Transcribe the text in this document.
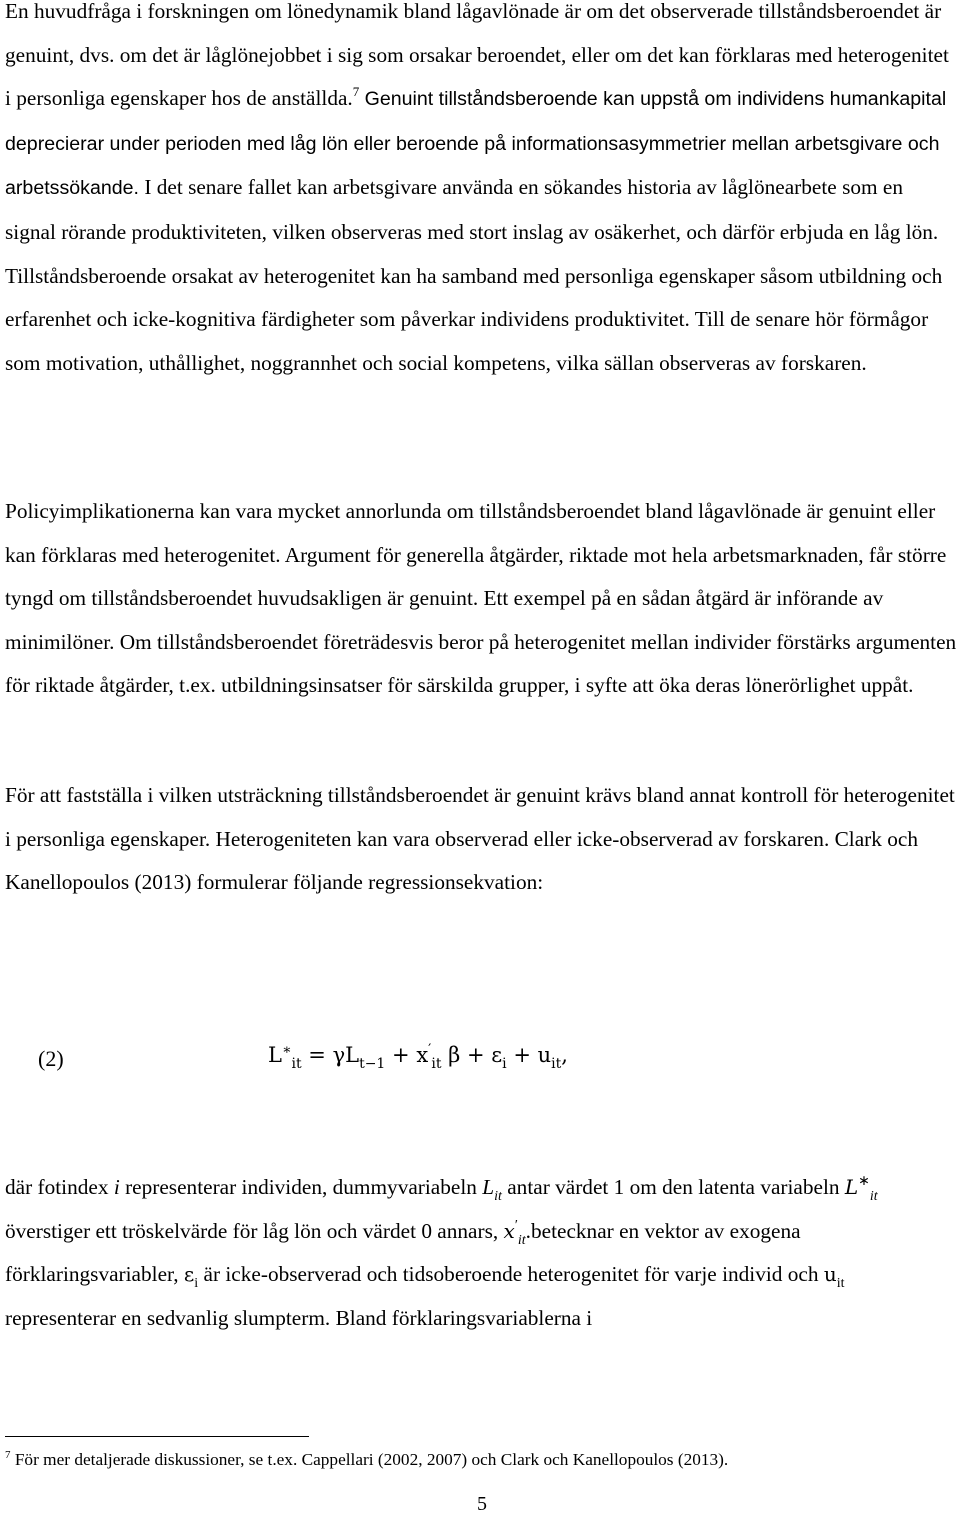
En huvudfråga i forskningen om lönedynamik bland lågavlönade är om det observerade tillståndsberoendet är genuint, dvs. om det är låglönejobbet i sig som orsakar beroendet, eller om det kan förklaras med heterogenitet i personliga egenskaper hos de anställda.$^7$ Genuint tillståndsberoende kan uppstå om individens humankapital deprecierar under perioden med låg lön eller beroende på informationsasymmetrier mellan arbetsgivare och arbetssökande. I det senare fallet kan arbetsgivare använda en sökandes historia av låglönearbete som en signal rörande produktiviteten, vilken observeras med stort inslag av osäkerhet, och därför erbjuda en låg lön. Tillståndsberoende orsakat av heterogenitet kan ha samband med personliga egenskaper såsom utbildning och erfarenhet och icke-kognitiva färdigheter som påverkar individens produktivitet. Till de senare hör förmågor som motivation, uthållighet, noggrannhet och social kompetens, vilka sällan observeras av forskaren.

Policyimplikationerna kan vara mycket annorlunda om tillståndsberoendet bland lågavlönade är genuint eller kan förklaras med heterogenitet. Argument för generella åtgärder, riktade mot hela arbetsmarknaden, får större tyngd om tillståndsberoendet huvudsakligen är genuint. Ett exempel på en sådan åtgärd är införande av minimilöner. Om tillståndsberoendet företrädesvis beror på heterogenitet mellan individer förstärks argumenten för riktade åtgärder, t.ex. utbildningsinsatser för särskilda grupper, i syfte att öka deras lönerörlighet uppåt.

För att fastställa i vilken utsträckning tillståndsberoendet är genuint krävs bland annat kontroll för heterogenitet i personliga egenskaper. Heterogeniteten kan vara observerad eller icke-observerad av forskaren. Clark och Kanellopoulos (2013) formulerar följande regressionsekvation:

(2)	$L^∗_{it} = \gamma L_{t-1} + x'_{it}$ $\beta + \varepsilon_i + u_{it}$,

där fotindex i representerar individen, dummyvariabeln $L_{it}$ antar värdet 1 om den latenta variabeln $L^∗_{it}$ överstiger ett tröskelvärde för låg lön och värdet 0 annars, $x'_{it}.betecknar$ en vektor av exogena förklaringsvariabler, $\varepsilon_i$ är icke-observerad och tidsoberoende heterogenitet för varje individ och $u_{it}$ representerar en sedvanlig slumpterm. Bland förklaringsvariablerna i

$^7$ För mer detaljerade diskussioner, se t.ex. Cappellari (2002, 2007) och Clark och Kanellopoulos (2013).
5
